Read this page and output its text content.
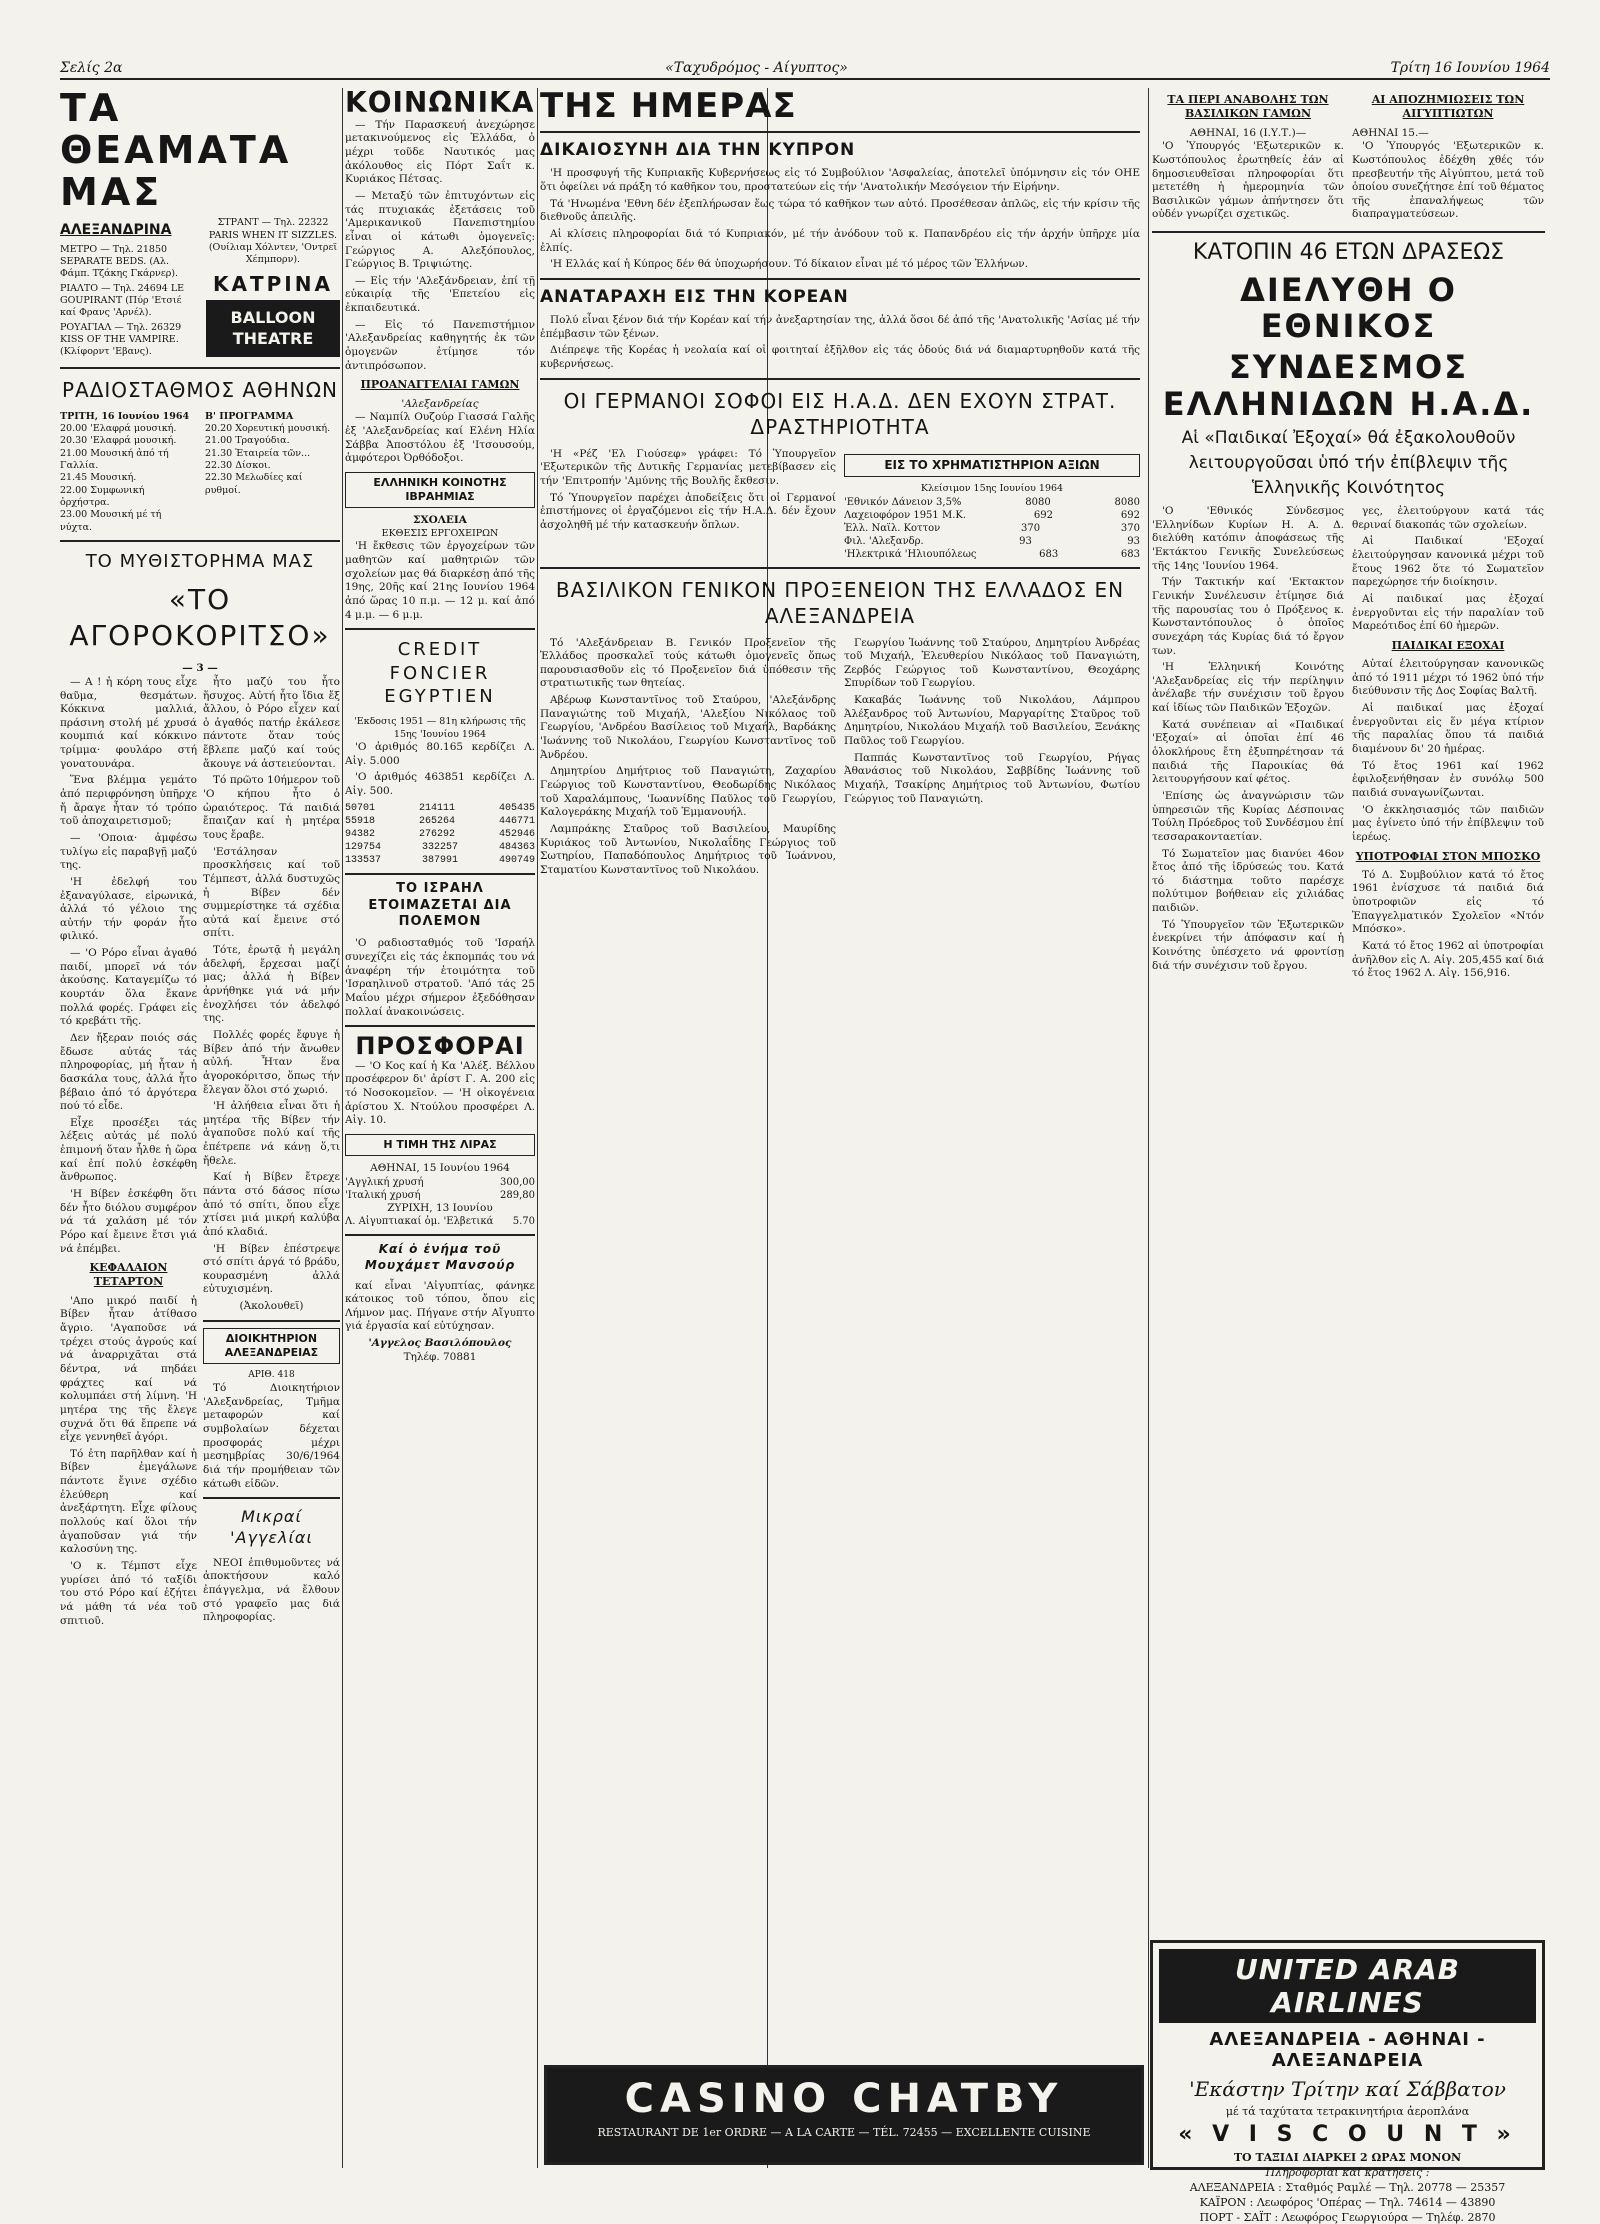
Σελίς 2α	«Ταχυδρόμος - Αίγυπτος»	Τρίτη 16 Ιουνίου 1964
ΤΑ ΘΕΑΜΑΤΑ ΜΑΣ
ΑΛΕΞΑΝΔΡΙΝΑ
ΜΕΤΡΟ — Τηλ. 21850 SEPARATE BEDS. (Αλ. Φάμπ. Τζάκης Γκάρνερ).
ΡΙΑΛΤΟ — Τηλ. 24694 LE GOUPIRANT (Πύρ 'Ετσιέ καί Φρανς 'Αρνέλ).
ΡΟΥΑΓΙΑΛ — Τηλ. 26329 KISS OF THE VAMPIRE. (Κλίφορντ 'Εβανς).
ΣΤΡΑΝΤ — Τηλ. 22322 PARIS WHEN IT SIZZLES. (Ουίλιαμ Χόλντεν, 'Οντρεϊ Χέπμπορν).
ΚΑΤΡΙΝΑ
BALLOON THEATRE
ΡΑΔΙΟΣΤΑΘΜΟΣ ΑΘΗΝΩΝ
ΤΡΙΤΗ, 16 Ιουνίου 1964
20.00 'Ελαφρά μουσική.
20.30 'Ελαφρά μουσική.
21.00 Μουσική ἀπό τή Γαλλία.
21.45 Μουσική.
22.00 Συμφωνική ὀρχήστρα.
23.00 Μουσική μέ τή νύχτα.
Β' ΠΡΟΓΡΑΜΜΑ
20.20 Χορευτική μουσική.
21.00 Τραγούδια.
21.30 Ἑταιρεία τῶν...
22.30 Δίσκοι.
22.30 Μελωδίες καί ρυθμοί.
ΤΟ ΜΥΘΙΣΤΟΡΗΜΑ ΜΑΣ
«ΤΟ ΑΓΟΡΟΚΟΡΙΤΣΟ»
— 3 —

— Α ! ἡ κόρη τους εἶχε θαῦμα, θεσμάτων. Κόκκινα μαλλιά, πράσινη στολή μέ χρυσά κουμπιά καί κόκκινο τρίμμα· φουλάρο στή γονατουνάρα.

Ἕνα βλέμμα γεμάτο ἀπό περιφρόνηση ὑπῆρχε ἤ ἄραγε ἦταν τό τρόπο τοῦ ἀποχαιρετισμοῦ;

— 'Οποια· ἀμφέσω τυλίγω εἰς παραβγῇ μαζύ της.

'Η ἐδελφή του ἐξαναγύλασε, εἰρωνικά, ἀλλά τό γέλοιο της αὐτήν τήν φοράν ἦτο φιλικό.

— 'Ο Ρόρο εἶναι ἀγαθό παιδί, μπορεῖ νά τόν ἀκούσης. Καταγεμίζω τό κουρτάν ὅλα ἔκανε πολλά φορές. Γράφει εἰς τό κρεβάτι τῆς.

Δεν ἤξεραν ποιός σάς ἔδωσε αὐτάς τάς πληροφορίας, μή ἦταν ἡ δασκάλα τους, ἀλλά ἦτο βέβαιο ἀπό τό ἀργότερα πού τό εἶδε.

Εἶχε προσέξει τάς λέξεις αὐτάς μέ πολύ ἐπιμονή ὅταν ἦλθε ἡ ὥρα καί ἐπί πολύ ἐσκέφθη ἄνθρωπος.

'Η Βίβεν ἐσκέφθη ὅτι δέν ἦτο διόλου συμφέρον νά τά χαλάση μέ τόν Ρόρο καί ἔμεινε ἔτσι γιά νά ἐπέμβει.

ΚΕΦΑΛΑΙΟΝ ΤΕΤΑΡΤΟΝ

'Απο μικρό παιδί ἡ Βίβεν ἦταν ἀτίθασο ἄγριο. 'Αγαποῦσε νά τρέχει στούς ἀγρούς καί νά ἀναρριχᾶται στά δέντρα, νά πηδάει φράχτες καί νά κολυμπάει στή λίμνη. 'Η μητέρα της τῆς ἔλεγε συχνά ὅτι θά ἔπρεπε νά εἶχε γεννηθεῖ ἀγόρι.

Τό ἐτη παρῆλθαν καί ἡ Βίβεν ἐμεγάλωνε πάντοτε ἔγινε σχέδιο ἐλεύθερη καί ἀνεξάρτητη. Εἶχε φίλους πολλούς καί ὅλοι τήν ἀγαποῦσαν γιά τήν καλοσύνη της.

'Ο κ. Τέμπστ εἶχε γυρίσει ἀπό τό ταξίδι του στό Ρόρο καί ἐζήτει νά μάθη τά νέα τοῦ σπιτιοῦ.

ἦτο μαζύ του ἦτο ἥσυχος. Αὐτή ἦτο ἴδια ἔξ ἄλλου, ὁ Ρόρο εἶχεν καί ὁ ἀγαθός πατήρ ἐκάλεσε πάντοτε ὅταν τούς ἔβλεπε μαζύ καί τούς ἄκουγε νά ἀστειεύονται.

Τό πρῶτο 10ήμερον τοῦ 'Ο κήπου ἦτο ὁ ὡραιότερος. Τά παιδιά ἔπαιζαν καί ἡ μητέρα τους ἔραβε.

'Εστάλησαν προσκλήσεις καί τοῦ Τέμπεστ, ἀλλά δυστυχῶς ἡ Βίβεν δέν συμμερίστηκε τά σχέδια αὐτά καί ἔμεινε στό σπίτι.

Τότε, ἐρωτᾷ ἡ μεγάλη ἀδελφή, ἔρχεσαι μαζί μας; ἀλλά ἡ Βίβεν ἀρνήθηκε γιά νά μήν ἐνοχλήσει τόν ἀδελφό της.

Πολλές φορές ἔφυγε ἡ Βίβεν ἀπό τήν ἄνωθεν αὐλή. Ἦταν ἕνα ἀγοροκόριτσο, ὅπως τήν ἔλεγαν ὅλοι στό χωριό.

'Η ἀλήθεια εἶναι ὅτι ἡ μητέρα τῆς Βίβεν τήν ἀγαποῦσε πολύ καί τῆς ἐπέτρεπε νά κάνῃ ὅ,τι ἤθελε.

Καί ἡ Βίβεν ἔτρεχε πάντα στό δάσος πίσω ἀπό τό σπίτι, ὅπου εἶχε χτίσει μιά μικρή καλύβα ἀπό κλαδιά.

'Η Βίβεν ἐπέστρεψε στό σπίτι ἀργά τό βράδυ, κουρασμένη ἀλλά εὐτυχισμένη.

(Ἀκολουθεῖ)
ΔΙΟΙΚΗΤΗΡΙΟΝ ΑΛΕΞΑΝΔΡΕΙΑΣ
ΑΡΙΘ. 418

Τό Διοικητήριον 'Αλεξανδρείας, Τμῆμα μεταφορών καί συμβολαίων δέχεται προσφοράς μέχρι μεσημβρίας 30/6/1964 διά τήν προμήθειαν τῶν κάτωθι εἰδῶν.

Μικραί 'Αγγελίαι

ΝΕΟΙ ἐπιθυμοῦντες νά ἀποκτήσουν καλό ἐπάγγελμα, νά ἔλθουν στό γραφεῖο μας διά πληροφορίας.

ΚΟΙΝΩΝΙΚΑ

— Τήν Παρασκευή ἀνεχώρησε μετακινούμενος εἰς Ἑλλάδα, ὁ μέχρι τοῦδε Ναυτικός μας ἀκόλουθος εἰς Πόρτ Σαΐτ κ. Κυριάκος Πέτσας.

— Μεταξύ τῶν ἐπιτυχόντων εἰς τάς πτυχιακάς ἐξετάσεις τοῦ 'Αμερικανικοῦ Πανεπιστημίου εἶναι οἱ κάτωθι ὁμογενεῖς: Γεώργιος Α. Αλεξόπουλος, Γεώργιος Β. Τριψιώτης.

— Εἰς τήν 'Αλεξάνδρειαν, ἐπί τῇ εὐκαιρίᾳ τῆς 'Επετείου εἰς ἐκπαιδευτικά.

— Εἰς τό Πανεπιστήμιον 'Αλεξανδρείας καθηγητής ἐκ τῶν ὁμογενῶν ἐτίμησε τόν ἀντιπρόσωπον.

ΠΡΟΑΝΑΓΓΕΛΙΑΙ ΓΑΜΩΝ
'Αλεξανδρείας

— Ναμπίλ Ουζούρ Γιασσά Γαλῆς ἐξ 'Αλεξανδρείας καί Ελένη Ηλία Σάββα Ἀποστόλου ἐξ 'Ιτσουσούμ, ἀμφότεροι Ὀρθόδοξοι.

ΕΛΛΗΝΙΚΗ ΚΟΙΝΟΤΗΣ ΙΒΡΑΗΜΙΑΣ
ΣΧΟΛΕΙΑ
ΕΚΘΕΣΙΣ ΕΡΓΟΧΕΙΡΩΝ

'Η ἔκθεσις τῶν ἐργοχείρων τῶν μαθητῶν καί μαθητριῶν τῶν σχολείων μας θά διαρκέσῃ ἀπό τῆς 19ης, 20ῆς καί 21ης Ιουνίου 1964 ἀπό ὥρας 10 π.μ. — 12 μ. καί ἀπό 4 μ.μ. — 6 μ.μ.

CREDIT FONCIER EGYPTIEN
'Εκδοσις 1951 — 81η κλήρωσις τῆς 15ης 'Ιουνίου 1964

'Ο ἀριθμός 80.165 κερδίζει Λ. Αἰγ. 5.000

'Ο ἀριθμός 463851 κερδίζει Λ. Αἰγ. 500.

50701	214111	405435
55918	265264	446771
94382	276292	452946
129754	332257	484363
133537	387991	490749
ΤΟ ΙΣΡΑΗΛ ΕΤΟΙΜΑΖΕΤΑΙ ΔΙΑ ΠΟΛΕΜΟΝ

'Ο ραδιοσταθμός τοῦ 'Ισραήλ συνεχίζει εἰς τάς ἐκπομπάς του νά ἀναφέρη τήν ἑτοιμότητα τοῦ 'Ισραηλινοῦ στρατοῦ. 'Από τάς 25 Μαΐου μέχρι σήμερον ἐξεδόθησαν πολλαί ἀνακοινώσεις.

ΠΡΟΣΦΟΡΑΙ

— 'Ο Κος καί ἡ Κα 'Αλέξ. Βέλλου προσέφερον δι' ἀρίστ Γ. Α. 200 εἰς τό Νοσοκομεῖον. — 'Η οἰκογένεια ἀρίστου Χ. Ντούλου προσφέρει Λ. Αἰγ. 10.

Η ΤΙΜΗ ΤΗΣ ΛΙΡΑΣ
ΑΘΗΝΑΙ, 15 Ιουνίου 1964
'Αγγλική χρυσή	300,00
'Ιταλική χρυσή	289,80
ΖΥΡΙΧΗ, 13 Ιουνίου
Λ. Αἰγυπτιακαί ὁμ. 'Ελβετικά 5.70
Καί ὁ ἐνήμα τοῦ Μουχάμετ Μανσούρ

καί εἶναι 'Αἰγυπτίας, φάνηκε κάτοικος τοῦ τόπου, ὄπου εἰς Λήμνον μας. Πήγανε στήν Αἴγυπτο γιά ἐργασία καί εὐτύχησαν.

'Αγγελος Βασιλόπουλος
Τηλέφ. 70881
ΤΗΣ ΗΜΕΡΑΣ
ΔΙΚΑΙΟΣΥΝΗ ΔΙΑ ΤΗΝ ΚΥΠΡΟΝ

'Η προσφυγή τῆς Κυπριακῆς Κυβερνήσεως εἰς τό Συμβούλιον 'Ασφαλείας, ἀποτελεῖ ὑπόμνησιν εἰς τόν ΟΗΕ ὅτι ὀφείλει νά πράξη τό καθῆκον του, προστατεύων εἰς τήν 'Ανατολικήν Μεσόγειον τήν Εἰρήνην.

Τά 'Ηνωμένα 'Εθνη δέν ἐξεπλήρωσαν ἕως τώρα τό καθῆκον των αὐτό. Προσέθεσαν ἁπλῶς, εἰς τήν κρίσιν τῆς διεθνοῦς ἀπειλῆς.

Αἱ κλίσεις πληροφορίαι διά τό Κυπριακόν, μέ τήν ἀνόδουν τοῦ κ. Παπανδρέου εἰς τήν ἀρχήν ὑπῆρχε μία ἐλπίς.

'Η Ελλάς καί ἡ Κύπρος δέν θά ὑποχωρήσουν. Τό δίκαιον εἶναι μέ τό μέρος τῶν Ἑλλήνων.

ΑΝΑΤΑΡΑΧΗ ΕΙΣ ΤΗΝ ΚΟΡΕΑΝ

Πολύ εἶναι ξένον διά τήν Κορέαν καί τήν ἀνεξαρτησίαν της, ἀλλά ὅσοι δέ ἀπό τῆς 'Ανατολικῆς 'Ασίας μέ τήν ἐπέμβασιν τῶν ξένων.

Διέπρεψε τῆς Κορέας ἡ νεολαία καί οἱ φοιτηταί ἐξῆλθον εἰς τάς ὁδούς διά νά διαμαρτυρηθοῦν κατά τῆς κυβερνήσεως.

ΟΙ ΓΕΡΜΑΝΟΙ ΣΟΦΟΙ ΕΙΣ Η.Α.Δ. ΔΕΝ ΕΧΟΥΝ ΣΤΡΑΤ. ΔΡΑΣΤΗΡΙΟΤΗΤΑ

'Η «Ρέζ 'Ελ Γιούσεφ» γράφει: Τό Ὑπουργεῖον 'Εξωτερικῶν τῆς Δυτικῆς Γερμανίας μετεβίβασεν εἰς τήν 'Επιτροπήν 'Αμύνης τῆς Βουλῆς ἔκθεσιν.

Τό Ὑπουργεῖον παρέχει ἀποδείξεις ὅτι οἱ Γερμανοί ἐπιστήμονες οἱ ἐργαζόμενοι εἰς τήν Η.Α.Δ. δέν ἔχουν ἀσχοληθῆ μέ τήν κατασκευήν ὅπλων.

ΕΙΣ ΤΟ ΧΡΗΜΑΤΙΣΤΗΡΙΟΝ ΑΞΙΩΝ
Κλείσιμον 15ης Ιουνίου 1964
'Εθνικόν Δάνειον 3,5%	8080	8080
Λαχειοφόρον 1951 Μ.Κ.	692	692
Ἑλλ. Ναϊλ. Κοττον	370	370
Φιλ. 'Αλεξανδρ.	93	93
'Ηλεκτρικά 'Ηλιουπόλεως	683	683
ΒΑΣΙΛΙΚΟΝ ΓΕΝΙΚΟΝ ΠΡΟΞΕΝΕΙΟΝ ΤΗΣ ΕΛΛΑΔΟΣ ΕΝ ΑΛΕΞΑΝΔΡΕΙΑ

Τό 'Αλεξάνδρειαν Β. Γενικόν Προξενεῖον τῆς Ἑλλάδος προσκαλεῖ τούς κάτωθι ὁμογενεῖς ὅπως παρουσιασθοῦν εἰς τό Προξενεῖον διά ὑπόθεσιν τῆς στρατιωτικῆς των θητείας.

Αβέρωφ Κωνσταντῖνος τοῦ Σταύρου, 'Αλεξάνδρης Παναγιώτης τοῦ Μιχαήλ, 'Αλεξίου Νικόλαος τοῦ Γεωργίου, 'Ανδρέου Βασίλειος τοῦ Μιχαήλ, Βαρδάκης 'Ιωάννης τοῦ Νικολάου, Γεωργίου Κωνσταντῖνος τοῦ Ἀνδρέου.

Δημητρίου Δημήτριος τοῦ Παναγιώτη, Ζαχαρίου Γεώργιος τοῦ Κωνσταντίνου, Θεοδωρίδης Νικόλαος τοῦ Χαραλάμπους, 'Ιωαννίδης Παῦλος τοῦ Γεωργίου, Καλογεράκης Μιχαήλ τοῦ Ἐμμανουήλ.

Λαμπράκης Σταῦρος τοῦ Βασιλείου, Μαυρίδης Κυριάκος τοῦ Ἀντωνίου, Νικολαΐδης Γεώργιος τοῦ Σωτηρίου, Παπαδόπουλος Δημήτριος τοῦ Ἰωάννου, Σταματίου Κωνσταντῖνος τοῦ Νικολάου.

Γεωργίου Ἰωάννης τοῦ Σταύρου, Δημητρίου Ἀνδρέας τοῦ Μιχαήλ, Ἐλευθερίου Νικόλαος τοῦ Παναγιώτη, Ζερβός Γεώργιος τοῦ Κωνσταντίνου, Θεοχάρης Σπυρίδων τοῦ Γεωργίου.

Κακαβάς Ἰωάννης τοῦ Νικολάου, Λάμπρου Ἀλέξανδρος τοῦ Ἀντωνίου, Μαργαρίτης Σταῦρος τοῦ Δημητρίου, Νικολάου Μιχαήλ τοῦ Βασιλείου, Ξενάκης Παῦλος τοῦ Γεωργίου.

Παππάς Κωνσταντῖνος τοῦ Γεωργίου, Ρήγας Ἀθανάσιος τοῦ Νικολάου, Σαββίδης Ἰωάννης τοῦ Μιχαήλ, Τσακίρης Δημήτριος τοῦ Ἀντωνίου, Φωτίου Γεώργιος τοῦ Παναγιώτη.

ΤΑ ΠΕΡΙ ΑΝΑΒΟΛΗΣ ΤΩΝ ΒΑΣΙΛΙΚΩΝ ΓΑΜΩΝ
ΑΘΗΝΑΙ, 16 (Ι.Υ.Τ.)—

'Ο Ὑπουργός 'Εξωτερικῶν κ. Κωστόπουλος ἐρωτηθείς ἐάν αἱ δημοσιευθεῖσαι πληροφορίαι ὅτι μετετέθη ἡ ἡμερομηνία τῶν Βασιλικῶν γάμων ἀπήντησεν ὅτι οὐδέν γνωρίζει σχετικῶς.

ΑΙ ΑΠΟΖΗΜΙΩΣΕΙΣ ΤΩΝ ΑΙΓΥΠΤΙΩΤΩΝ
ΑΘΗΝΑΙ 15.—

'Ο Ὑπουργός 'Εξωτερικῶν κ. Κωστόπουλος ἐδέχθη χθές τόν πρεσβευτήν τῆς Αἰγύπτου, μετά τοῦ ὁποίου συνεζήτησε ἐπί τοῦ θέματος τῆς ἐπαναλήψεως τῶν διαπραγματεύσεων.

ΚΑΤΟΠΙΝ 46 ΕΤΩΝ ΔΡΑΣΕΩΣ
ΔΙΕΛΥΘΗ Ο ΕΘΝΙΚΟΣ
ΣΥΝΔΕΣΜΟΣ ΕΛΛΗΝΙΔΩΝ Η.Α.Δ.
Αἱ «Παιδικαί Ἐξοχαί» θά ἐξακολουθοῦν
λειτουργοῦσαι ὑπό τήν ἐπίβλεψιν τῆς
Ἑλληνικῆς Κοινότητος

'Ο 'Εθνικός Σύνδεσμος 'Ελληνίδων Κυρίων Η. Α. Δ. διελύθη κατόπιν ἀποφάσεως τῆς 'Εκτάκτου Γενικῆς Συνελεύσεως τῆς 14ης 'Ιουνίου 1964.

Τήν Τακτικήν καί 'Εκτακτον Γενικήν Συνέλευσιν ἐτίμησε διά τῆς παρουσίας του ὁ Πρόξενος κ. Κωνσταντόπουλος ὁ ὁποῖος συνεχάρη τάς Κυρίας διά τό ἔργον των.

'Η Ἑλληνική Κοινότης 'Αλεξανδρείας εἰς τήν περίληψιν ἀνέλαβε τήν συνέχισιν τοῦ ἔργου καί ἰδίως τῶν Παιδικῶν Ἐξοχῶν.

Κατά συνέπειαν αἱ «Παιδικαί 'Εξοχαί» αἱ ὁποῖαι ἐπί 46 ὁλοκλήρους ἔτη ἐξυπηρέτησαν τά παιδιά τῆς Παροικίας θά λειτουργήσουν καί φέτος.

'Επίσης ὡς ἀναγνώρισιν τῶν ὑπηρεσιῶν τῆς Κυρίας Δέσποινας Τούλη Πρόεδρος τοῦ Συνδέσμου ἐπί τεσσαρακονταετίαν.

Τό Σωματεῖον μας διανύει 46ον ἔτος ἀπό τῆς ἱδρύσεώς του. Κατά τό διάστημα τοῦτο παρέσχε πολύτιμον βοήθειαν εἰς χιλιάδας παιδιῶν.

Τό Ὑπουργεῖον τῶν Ἐξωτερικῶν ἐνεκρίνει τήν ἀπόφασιν καί ἡ Κοινότης ὑπέσχετο νά φροντίσῃ διά τήν συνέχισιν τοῦ ἔργου.

γες, ἐλειτούργουν κατά τάς θεριναί διακοπάς τῶν σχολείων.

Αἱ Παιδικαί 'Εξοχαί ἐλειτούργησαν κανονικά μέχρι τοῦ ἔτους 1962 ὅτε τό Σωματεῖον παρεχώρησε τήν διοίκησιν.

Αἱ παιδικαί μας ἐξοχαί ἐνεργοῦνται εἰς τήν παραλίαν τοῦ Μαρεότιδος ἐπί 60 ἡμερῶν.

ΠΑΙΔΙΚΑΙ ΕΞΟΧΑΙ

Αὐταί ἐλειτούργησαν κανονικῶς ἀπό τό 1911 μέχρι τό 1962 ὑπό τήν διεύθυνσιν τῆς Δος Σοφίας Βαλτῆ.

Αἱ παιδικαί μας ἐξοχαί ἐνεργοῦνται εἰς ἕν μέγα κτίριον τῆς παραλίας ὅπου τά παιδιά διαμένουν δι' 20 ἡμέρας.

Τό ἔτος 1961 καί 1962 ἐφιλοξενήθησαν ἐν συνόλῳ 500 παιδιά συναγωνίζωνται.

'Ο ἐκκλησιασμός τῶν παιδιῶν μας ἐγίνετο ὑπό τήν ἐπίβλεψιν τοῦ ἱερέως.

ΥΠΟΤΡΟΦΙΑΙ ΣΤΟΝ ΜΠΟΣΚΟ

Τό Δ. Συμβούλιον κατά τό ἔτος 1961 ἐνίσχυσε τά παιδιά διά ὑποτροφιῶν εἰς τό Ἐπαγγελματικόν Σχολεῖον «Ντόν Μπόσκο».

Κατά τό ἔτος 1962 αἱ ὑποτροφίαι ἀνῆλθον εἰς Λ. Αἰγ. 205,455 καί διά τό ἔτος 1962 Λ. Αἰγ. 156,916.

UNITED ARAB AIRLINES
ΑΛΕΞΑΝΔΡΕΙΑ - ΑΘΗΝΑΙ - ΑΛΕΞΑΝΔΡΕΙΑ
'Εκάστην Τρίτην καί Σάββατον
μέ τά ταχύτατα τετρακινητήρια ἀεροπλάνα
« V I S C O U N T »
ΤΟ ΤΑΞΙΔΙ ΔΙΑΡΚΕΙ 2 ΩΡΑΣ ΜΟΝΟΝ
Πληροφορίαι καί κρατήσεις :
ΑΛΕΞΑΝΔΡΕΙΑ : Σταθμός Ραμλέ — Τηλ. 20778 — 25357
ΚΑΪΡΟΝ : Λεωφόρος 'Οπέρας — Τηλ. 74614 — 43890
ΠΟΡΤ - ΣΑΪΤ : Λεωφόρος Γεωργιούρα — Τηλέφ. 2870
CASINO CHATBY
RESTAURANT DE 1er ORDRE — A LA CARTE — TÉL. 72455 — EXCELLENTE CUISINE
